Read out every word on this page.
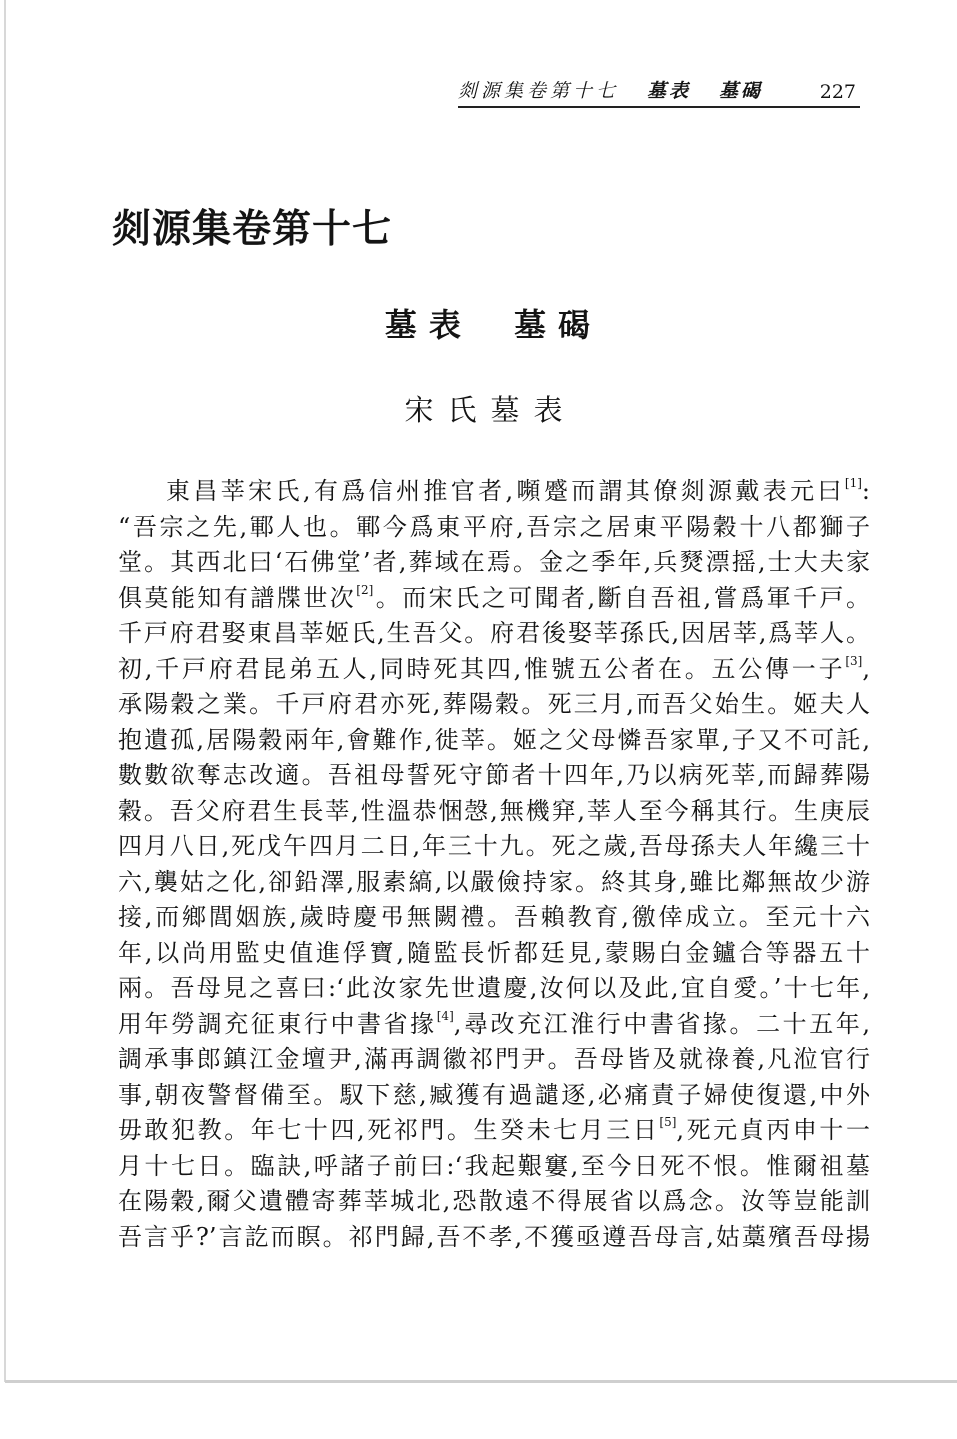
剡源集卷第十七 墓表 墓碣	227
剡源集卷第十七
墓表 墓碣
宋氏墓表
東昌莘宋氏,有爲信州推官者,嚬蹙而謂其僚剡源戴表元曰[1]:
“吾宗之先,鄆人也。鄆今爲東平府,吾宗之居東平陽穀十八都獅子
堂。其西北曰‘石佛堂’者,葬域在焉。金之季年,兵燹漂摇,士大夫家
俱莫能知有譜牒世次[2]。而宋氏之可聞者,斷自吾祖,嘗爲軍千戸。
千戸府君娶東昌莘姬氏,生吾父。府君後娶莘孫氏,因居莘,爲莘人。
初,千戸府君昆弟五人,同時死其四,惟號五公者在。五公傳一子[3],
承陽穀之業。千戸府君亦死,葬陽穀。死三月,而吾父始生。姬夫人
抱遺孤,居陽穀兩年,會難作,徙莘。姬之父母憐吾家單,子又不可託,
數數欲奪志改適。吾祖母誓死守節者十四年,乃以病死莘,而歸葬陽
穀。吾父府君生長莘,性溫恭悃愨,無機穽,莘人至今稱其行。生庚辰
四月八日,死戊午四月二日,年三十九。死之歲,吾母孫夫人年纔三十
六,襲姑之化,卻鉛澤,服素縞,以嚴儉持家。終其身,雖比鄰無故少游
接,而鄉閭姻族,歲時慶弔無闕禮。吾賴教育,徼倖成立。至元十六
年,以尚用監史值進俘寶,隨監長忻都廷見,蒙賜白金鑪合等器五十
兩。吾母見之喜曰:‘此汝家先世遺慶,汝何以及此,宜自愛。’十七年,
用年勞調充征東行中書省掾[4],尋改充江淮行中書省掾。二十五年,
調承事郎鎮江金壇尹,滿再調徽祁門尹。吾母皆及就祿養,凡涖官行
事,朝夜警督備至。馭下慈,臧獲有過譴逐,必痛責子婦使復還,中外
毋敢犯教。年七十四,死祁門。生癸未七月三日[5],死元貞丙申十一
月十七日。臨訣,呼諸子前曰:‘我起艱窶,至今日死不恨。惟爾祖墓
在陽穀,爾父遺體寄葬莘城北,恐散遠不得展省以爲念。汝等豈能訓
吾言乎?’言訖而瞑。祁門歸,吾不孝,不獲亟遵吾母言,姑藁殯吾母揚
